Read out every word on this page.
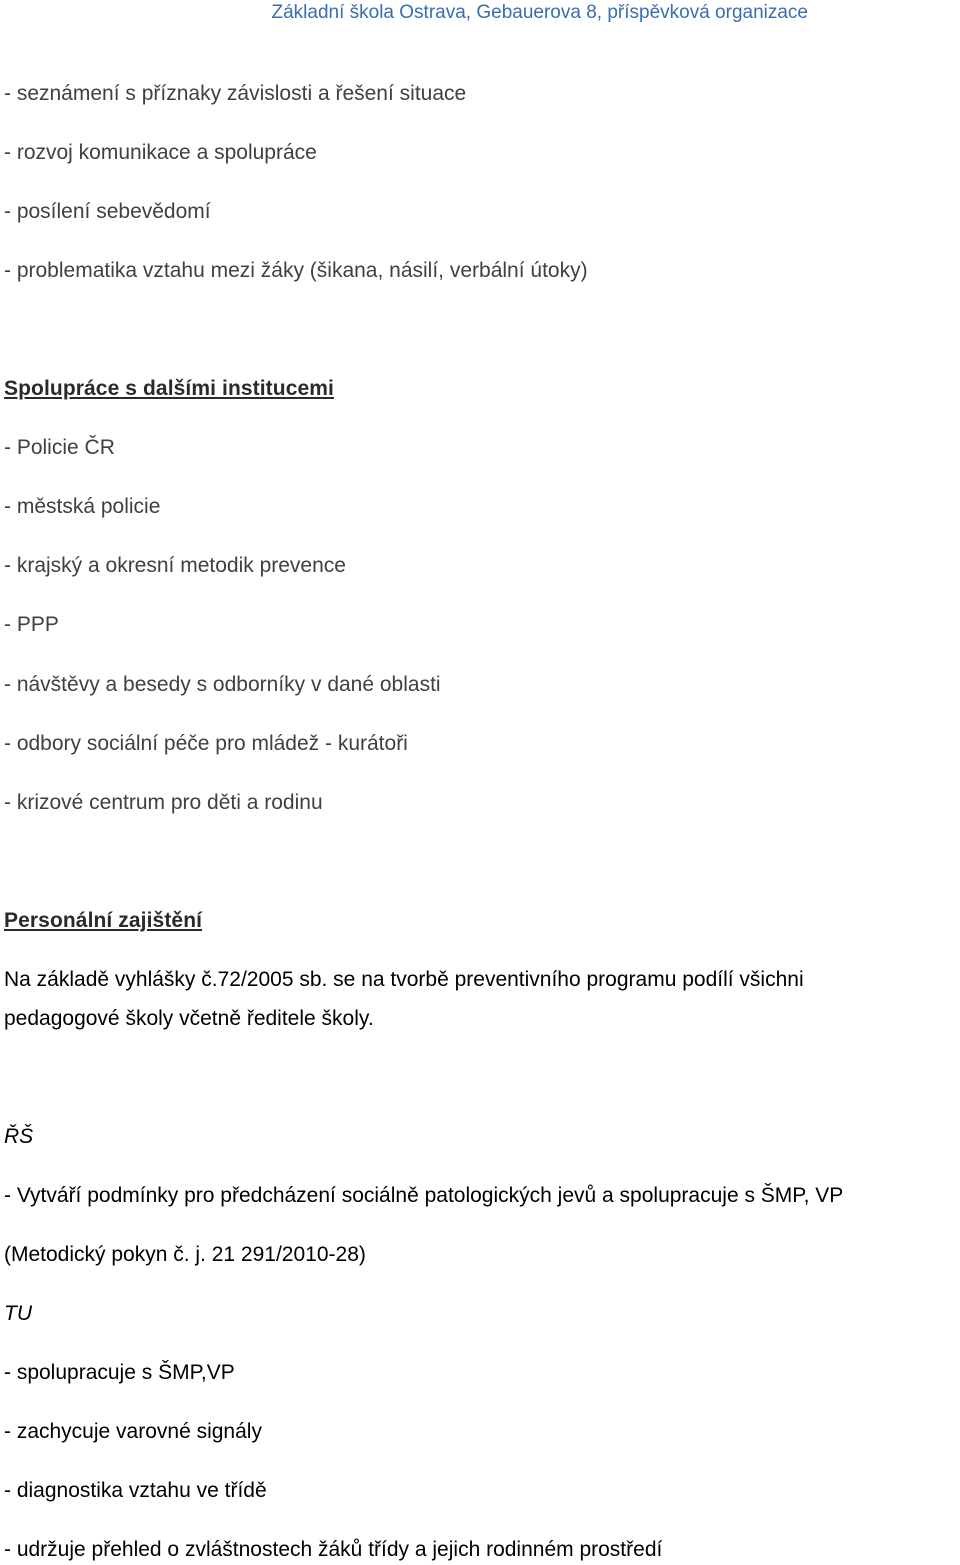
Základní škola Ostrava, Gebauerova 8, příspěvková organizace
- seznámení s příznaky závislosti a řešení situace
- rozvoj komunikace a spolupráce
- posílení sebevědomí
- problematika vztahu mezi žáky (šikana, násilí, verbální útoky)
Spolupráce s dalšími institucemi
- Policie ČR
- městská policie
- krajský a okresní metodik prevence
- PPP
- návštěvy a besedy s odborníky v dané oblasti
- odbory sociální péče pro mládež - kurátoři
- krizové centrum pro děti a rodinu
Personální zajištění
Na základě vyhlášky č.72/2005 sb. se na tvorbě preventivního programu podílí všichni
pedagogové školy včetně ředitele školy.
ŘŠ
- Vytváří podmínky pro předcházení sociálně patologických jevů a spolupracuje s ŠMP, VP
(Metodický pokyn č. j. 21 291/2010-28)
TU
- spolupracuje s ŠMP,VP
- zachycuje varovné signály
- diagnostika vztahu ve třídě
- udržuje přehled o zvláštnostech žáků třídy a jejich rodinném prostředí
